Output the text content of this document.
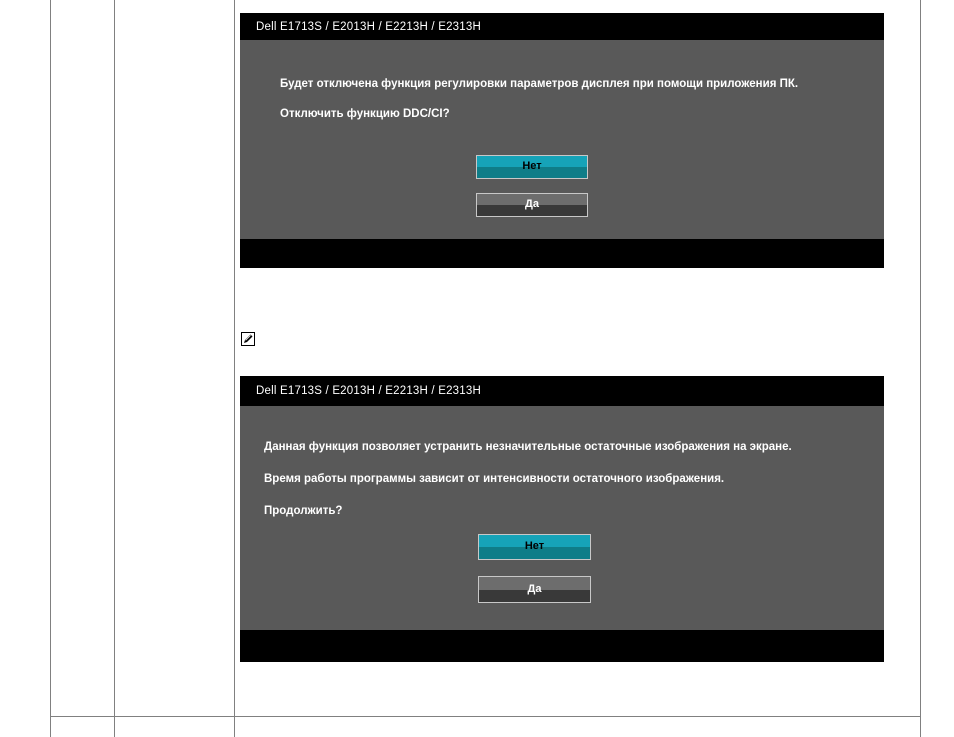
Dell E1713S / E2013H / E2213H / E2313H
Будет отключена функция регулировки параметров дисплея при помощи приложения ПК.
Отключить функцию DDC/CI?
Нет
Да
Dell E1713S / E2013H / E2213H / E2313H
Данная функция позволяет устранить незначительные остаточные изображения на экране.
Время работы программы зависит от интенсивности остаточного изображения.
Продолжить?
Нет
Да
